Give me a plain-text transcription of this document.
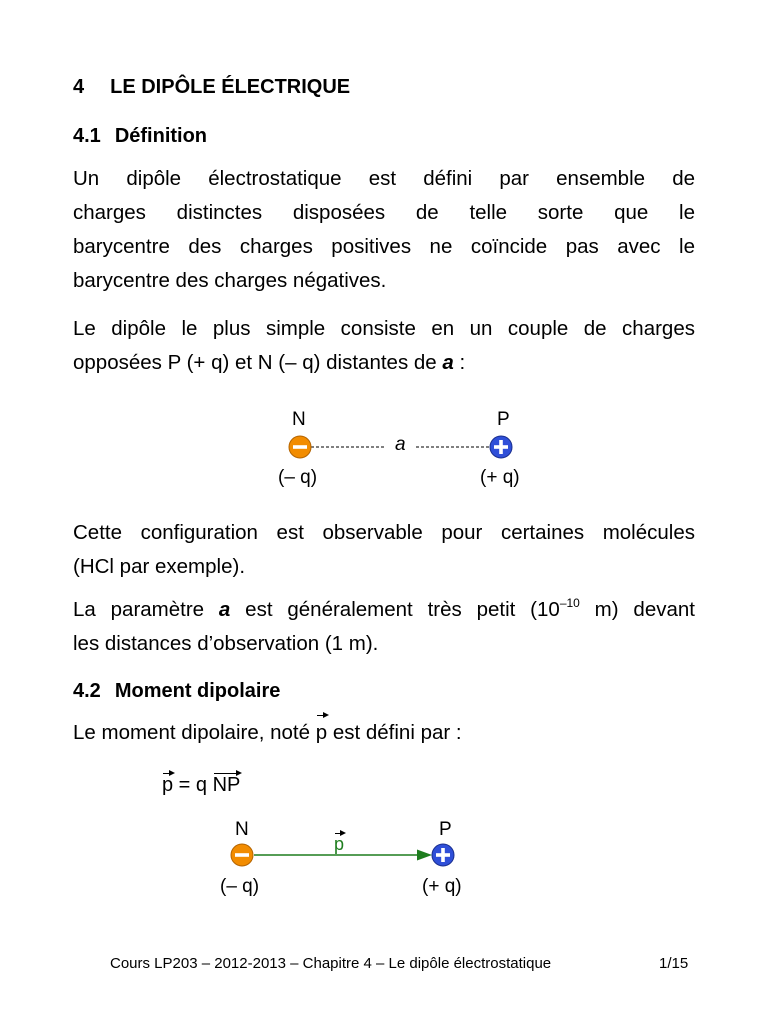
4 LE DIPÔLE ÉLECTRIQUE
4.1 Définition
Un dipôle électrostatique est défini par ensemble de
charges distinctes disposées de telle sorte que le
barycentre des charges positives ne coïncide pas avec le
barycentre des charges négatives.
Le dipôle le plus simple consiste en un couple de charges
opposées P (+ q) et N (– q) distantes de a :
N	P
a
(– q)	(+ q)
Cette configuration est observable pour certaines molécules
(HCl par exemple).
La paramètre a est généralement très petit ($10^{-10}$ m) devant
les distances d’observation (1 m).
4.2 Moment dipolaire
Le moment dipolaire, noté p est défini par :
p = q NP
N	P
p
(– q)	(+ q)
Cours LP203 – 2012-2013 – Chapitre 4 – Le dipôle électrostatique	1/15
